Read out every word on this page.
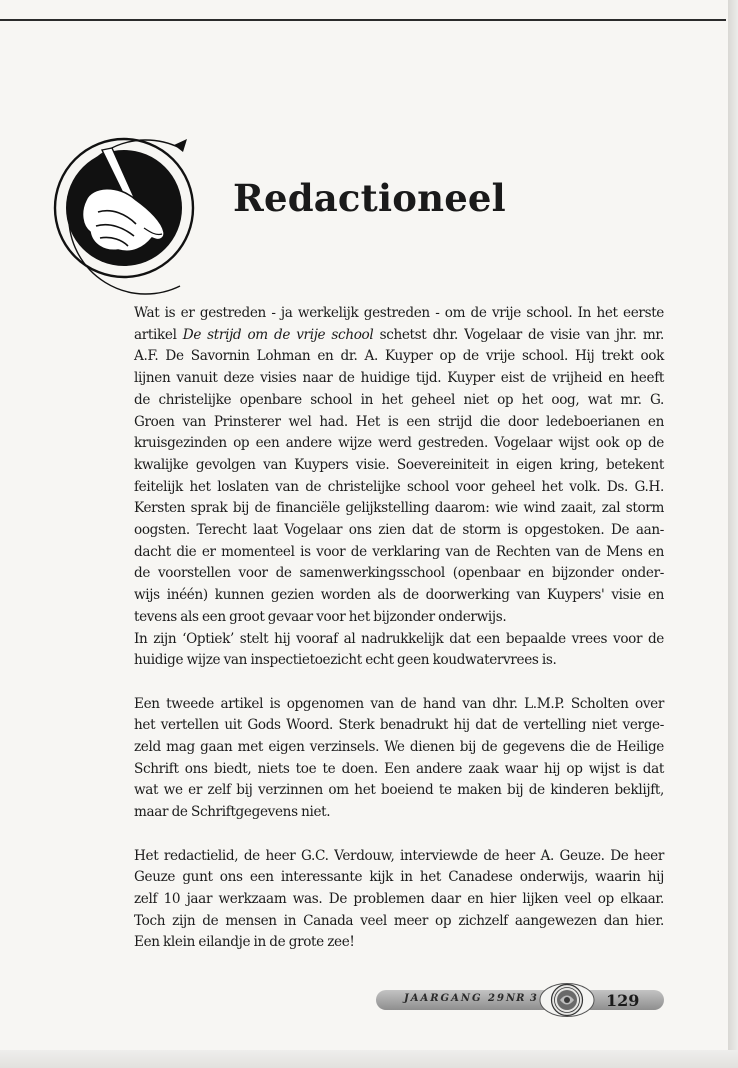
Redactioneel

Wat is er gestreden - ja werkelijk gestreden - om de vrije school. In het eerste

artikel De strijd om de vrije school schetst dhr. Vogelaar de visie van jhr. mr.

A.F. De Savornin Lohman en dr. A. Kuyper op de vrije school. Hij trekt ook

lijnen vanuit deze visies naar de huidige tijd. Kuyper eist de vrijheid en heeft

de christelijke openbare school in het geheel niet op het oog, wat mr. G.

Groen van Prinsterer wel had. Het is een strijd die door ledeboerianen en

kruisgezinden op een andere wijze werd gestreden. Vogelaar wijst ook op de

kwalijke gevolgen van Kuypers visie. Soevereiniteit in eigen kring, betekent

feitelijk het loslaten van de christelijke school voor geheel het volk. Ds. G.H.

Kersten sprak bij de financiële gelijkstelling daarom: wie wind zaait, zal storm

oogsten. Terecht laat Vogelaar ons zien dat de storm is opgestoken. De aan-

dacht die er momenteel is voor de verklaring van de Rechten van de Mens en

de voorstellen voor de samenwerkingsschool (openbaar en bijzonder onder-

wijs inéén) kunnen gezien worden als de doorwerking van Kuypers' visie en

tevens als een groot gevaar voor het bijzonder onderwijs.

In zijn ‘Optiek’ stelt hij vooraf al nadrukkelijk dat een bepaalde vrees voor de

huidige wijze van inspectietoezicht echt geen koudwatervrees is.

Een tweede artikel is opgenomen van de hand van dhr. L.M.P. Scholten over

het vertellen uit Gods Woord. Sterk benadrukt hij dat de vertelling niet verge-

zeld mag gaan met eigen verzinsels. We dienen bij de gegevens die de Heilige

Schrift ons biedt, niets toe te doen. Een andere zaak waar hij op wijst is dat

wat we er zelf bij verzinnen om het boeiend te maken bij de kinderen beklijft,

maar de Schriftgegevens niet.

Het redactielid, de heer G.C. Verdouw, interviewde de heer A. Geuze. De heer

Geuze gunt ons een interessante kijk in het Canadese onderwijs, waarin hij

zelf 10 jaar werkzaam was. De problemen daar en hier lijken veel op elkaar.

Toch zijn de mensen in Canada veel meer op zichzelf aangewezen dan hier.

Een klein eilandje in de grote zee!

JAARGANG 29 NR 3	129
